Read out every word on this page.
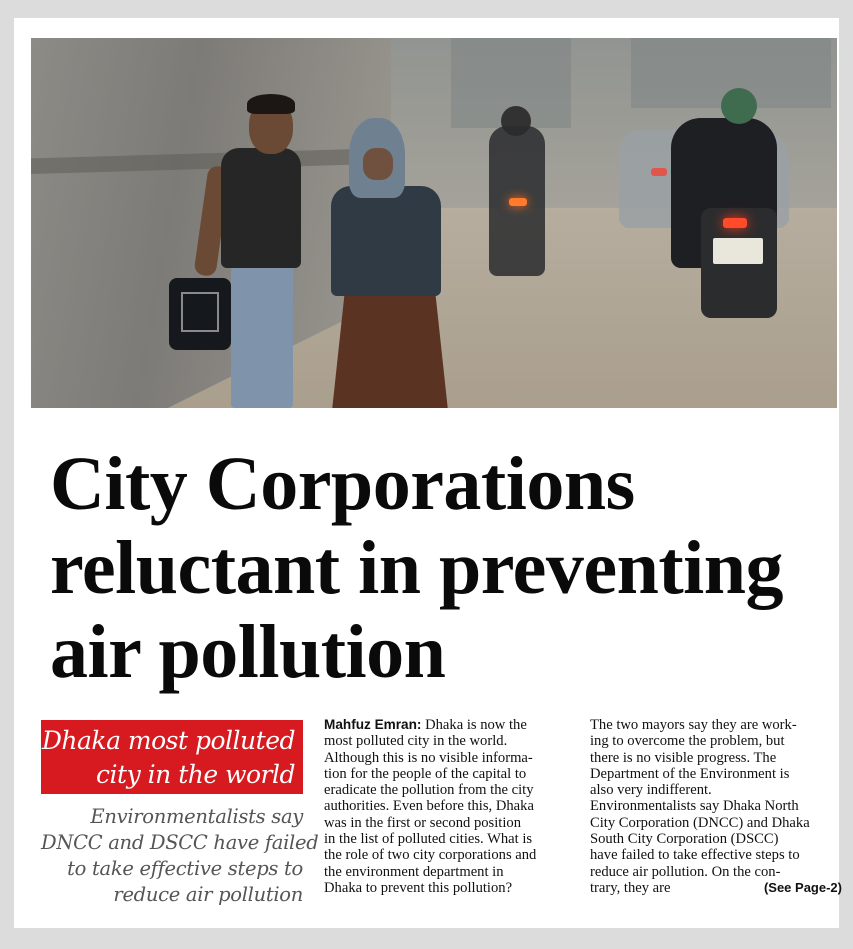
City Corporations
reluctant in preventing
air pollution
Dhaka most polluted
city in the world
Environmentalists say
DNCC and DSCC have failed
to take effective steps to
reduce air pollution
Mahfuz Emran: Dhaka is now the
most polluted city in the world.
Although this is no visible informa-
tion for the people of the capital to
eradicate the pollution from the city
authorities. Even before this, Dhaka
was in the first or second position
in the list of polluted cities. What is
the role of two city corporations and
the environment department in
Dhaka to prevent this pollution?
The two mayors say they are work-
ing to overcome the problem, but
there is no visible progress. The
Department of the Environment is
also very indifferent.
Environmentalists say Dhaka North
City Corporation (DNCC) and Dhaka
South City Corporation (DSCC)
have failed to take effective steps to
reduce air pollution. On the con-
trary, they are	(See Page-2)
